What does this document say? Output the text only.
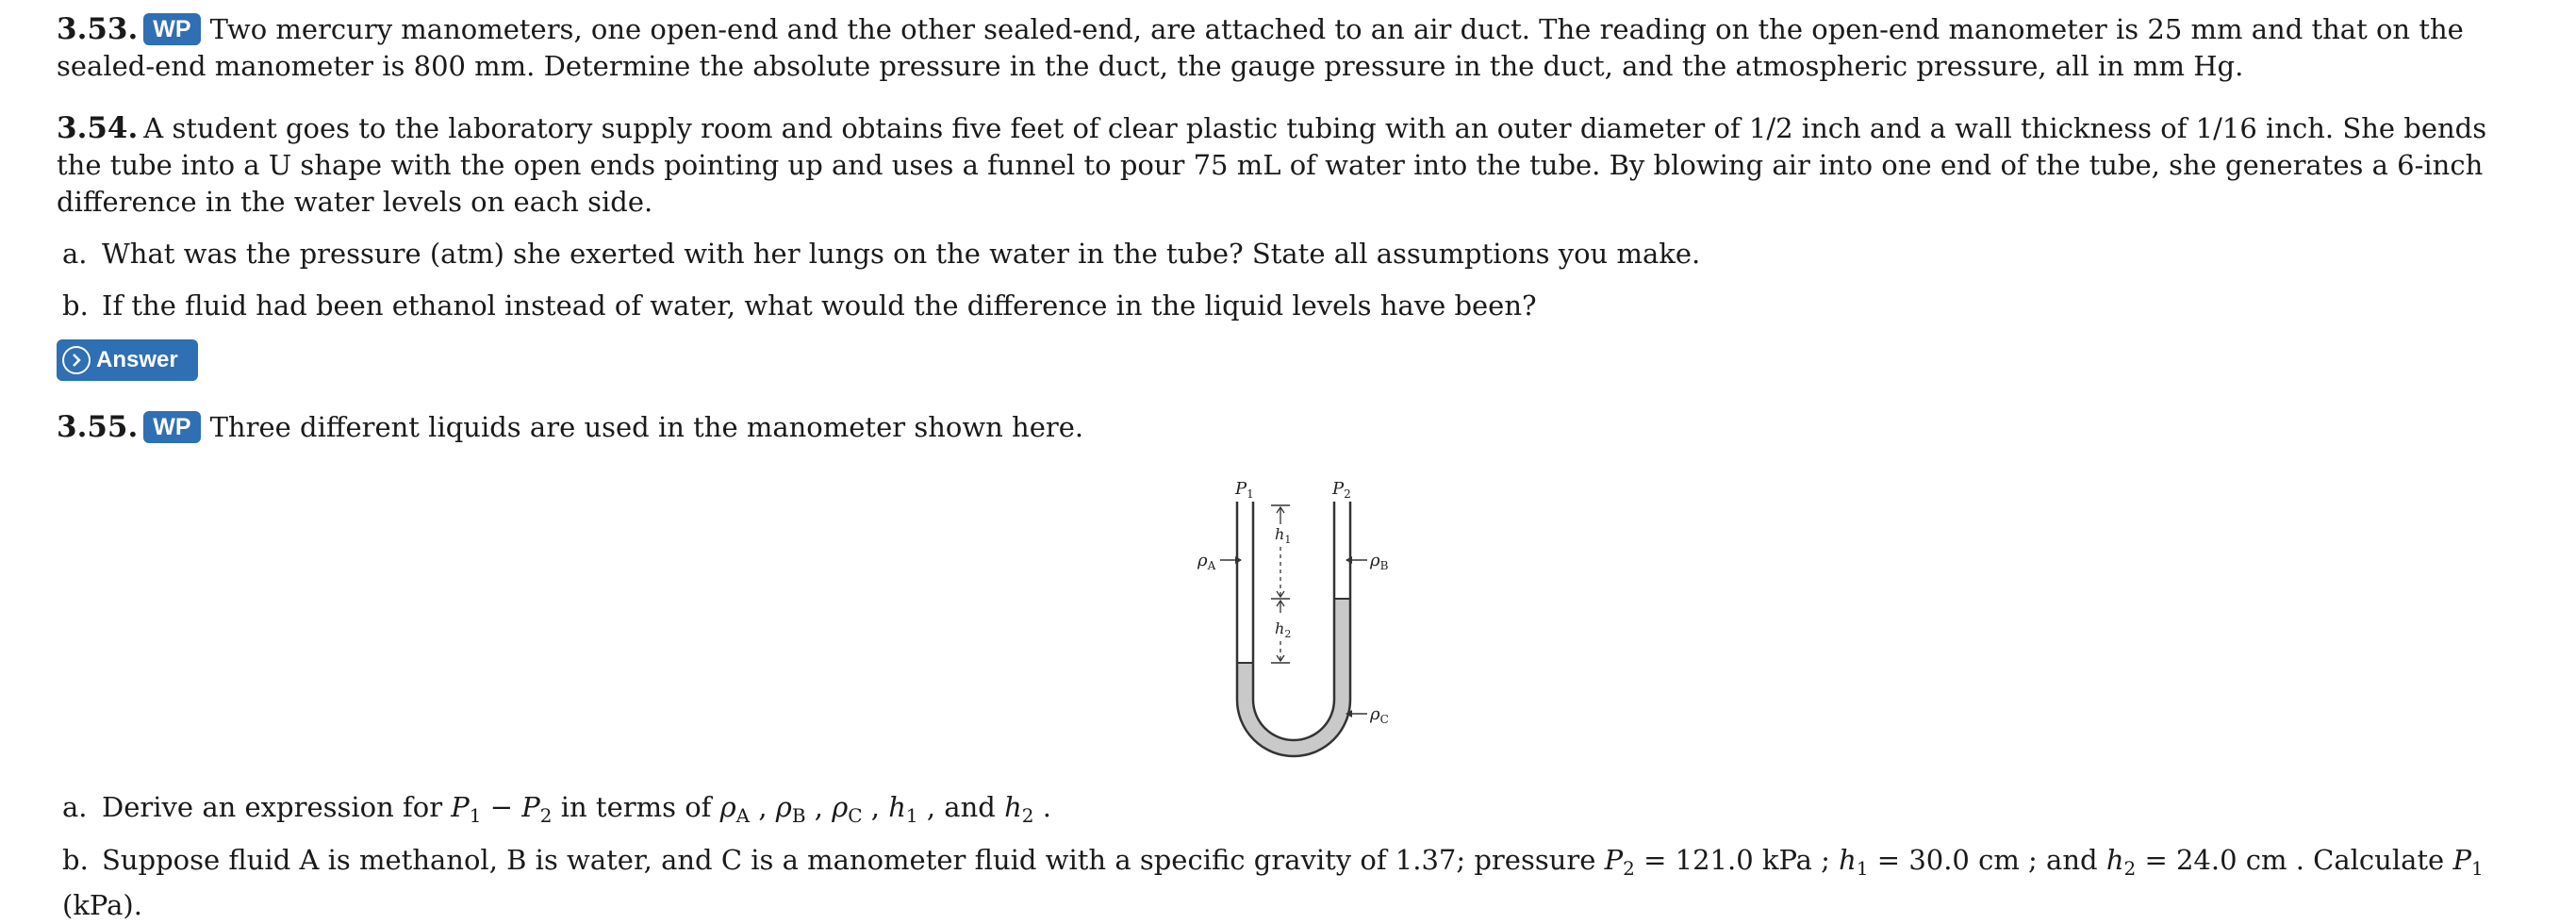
3.53. WP Two mercury manometers, one open-end and the other sealed-end, are attached to an air duct. The reading on the open-end manometer is 25 mm and that on the sealed-end manometer is 800 mm. Determine the absolute pressure in the duct, the gauge pressure in the duct, and the atmospheric pressure, all in mm Hg.
3.54. A student goes to the laboratory supply room and obtains five feet of clear plastic tubing with an outer diameter of 1/2 inch and a wall thickness of 1/16 inch. She bends the tube into a U shape with the open ends pointing up and uses a funnel to pour 75 mL of water into the tube. By blowing air into one end of the tube, she generates a 6-inch difference in the water levels on each side.
a. What was the pressure (atm) she exerted with her lungs on the water in the tube? State all assumptions you make.
b. If the fluid had been ethanol instead of water, what would the difference in the liquid levels have been?
Answer
3.55. WP Three different liquids are used in the manometer shown here.
$P_1$	$P_2$
$h_1$
$h_2$
$\rho_A$	$\rho_B$
$\rho_C$
a. Derive an expression for $P_1 - P_2$ in terms of $\rho_A$ , $\rho_B$ , $\rho_C$ , $h_1$ , and $h_2$ .
b. Suppose fluid A is methanol, B is water, and C is a manometer fluid with a specific gravity of 1.37; pressure $P_2 = 121.0$ kPa ; $h_1 = 30.0$ cm ; and $h_2 = 24.0$ cm . Calculate $P_1$ (kPa).
